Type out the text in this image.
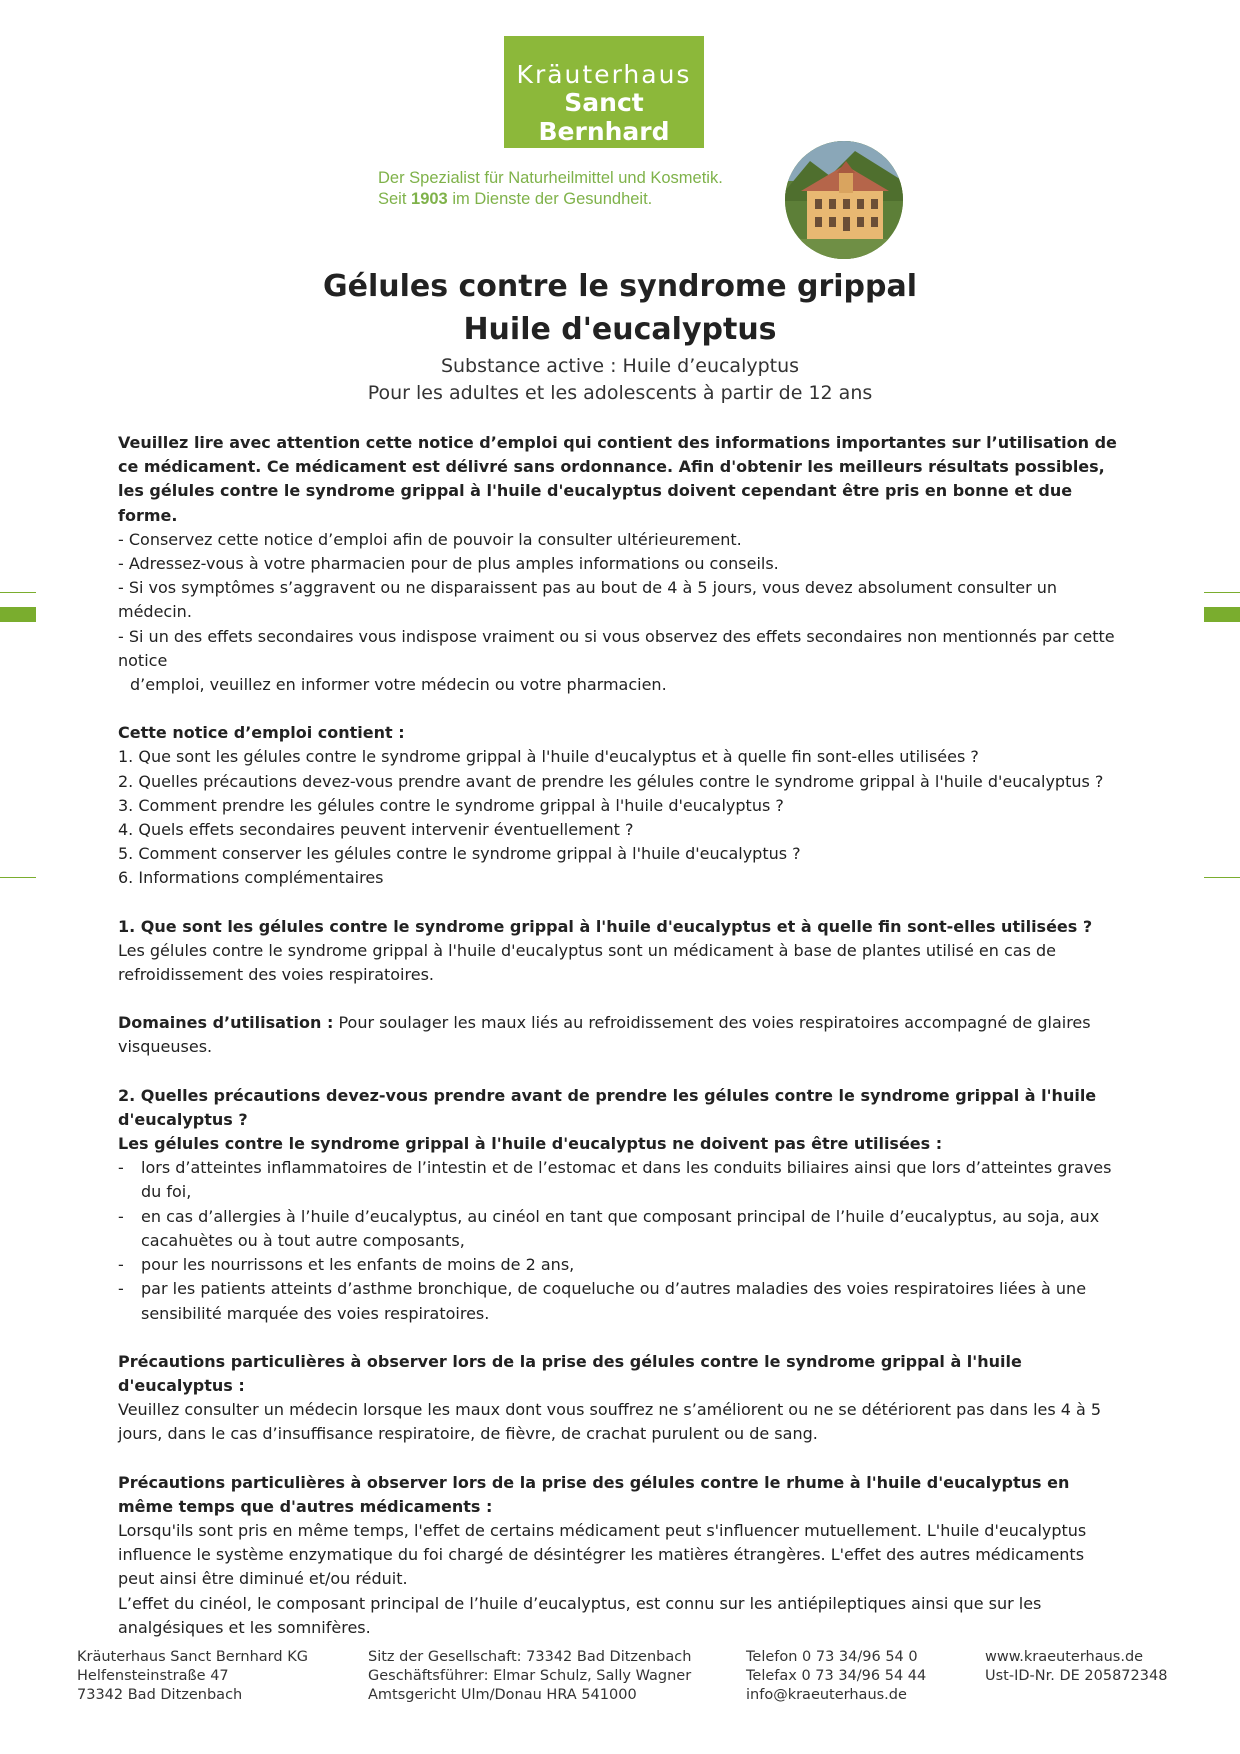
Kräuterhaus
Sanct Bernhard
Der Spezialist für Naturheilmittel und Kosmetik.
Seit 1903 im Dienste der Gesundheit.
Gélules contre le syndrome grippal
Huile d'eucalyptus
Substance active : Huile d’eucalyptus
Pour les adultes et les adolescents à partir de 12 ans

Veuillez lire avec attention cette notice d’emploi qui contient des informations importantes sur l’utilisation de ce médicament. Ce médicament est délivré sans ordonnance. Afin d'obtenir les meilleurs résultats possibles, les gélules contre le syndrome grippal à l'huile d'eucalyptus doivent cependant être pris en bonne et due forme.

- Conservez cette notice d’emploi afin de pouvoir la consulter ultérieurement.

- Adressez-vous à votre pharmacien pour de plus amples informations ou conseils.

- Si vos symptômes s’aggravent ou ne disparaissent pas au bout de 4 à 5 jours, vous devez absolument consulter un médecin.

- Si un des effets secondaires vous indispose vraiment ou si vous observez des effets secondaires non mentionnés par cette notice

d’emploi, veuillez en informer votre médecin ou votre pharmacien.

Cette notice d’emploi contient :

1. Que sont les gélules contre le syndrome grippal à l'huile d'eucalyptus et à quelle fin sont-elles utilisées ?

2. Quelles précautions devez-vous prendre avant de prendre les gélules contre le syndrome grippal à l'huile d'eucalyptus ?

3. Comment prendre les gélules contre le syndrome grippal à l'huile d'eucalyptus ?

4. Quels effets secondaires peuvent intervenir éventuellement ?

5. Comment conserver les gélules contre le syndrome grippal à l'huile d'eucalyptus ?

6. Informations complémentaires

1. Que sont les gélules contre le syndrome grippal à l'huile d'eucalyptus et à quelle fin sont-elles utilisées ?

Les gélules contre le syndrome grippal à l'huile d'eucalyptus sont un médicament à base de plantes utilisé en cas de refroidissement des voies respiratoires.

Domaines d’utilisation : Pour soulager les maux liés au refroidissement des voies respiratoires accompagné de glaires visqueuses.

2. Quelles précautions devez-vous prendre avant de prendre les gélules contre le syndrome grippal à l'huile d'eucalyptus ?

Les gélules contre le syndrome grippal à l'huile d'eucalyptus ne doivent pas être utilisées :

- lors d’atteintes inflammatoires de l’intestin et de l’estomac et dans les conduits biliaires ainsi que lors d’atteintes graves du foi,

- en cas d’allergies à l’huile d’eucalyptus, au cinéol en tant que composant principal de l’huile d’eucalyptus, au soja, aux cacahuètes ou à tout autre composants,

- pour les nourrissons et les enfants de moins de 2 ans,

- par les patients atteints d’asthme bronchique, de coqueluche ou d’autres maladies des voies respiratoires liées à une sensibilité marquée des voies respiratoires.

Précautions particulières à observer lors de la prise des gélules contre le syndrome grippal à l'huile d'eucalyptus :

Veuillez consulter un médecin lorsque les maux dont vous souffrez ne s’améliorent ou ne se détériorent pas dans les 4 à 5 jours, dans le cas d’insuffisance respiratoire, de fièvre, de crachat purulent ou de sang.

Précautions particulières à observer lors de la prise des gélules contre le rhume à l'huile d'eucalyptus en même temps que d'autres médicaments :

Lorsqu'ils sont pris en même temps, l'effet de certains médicament peut s'influencer mutuellement. L'huile d'eucalyptus influence le système enzymatique du foi chargé de désintégrer les matières étrangères. L'effet des autres médicaments peut ainsi être diminué et/ou réduit.

L’effet du cinéol, le composant principal de l’huile d’eucalyptus, est connu sur les antiépileptiques ainsi que sur les analgésiques et les somnifères.

Kräuterhaus Sanct Bernhard KG
Helfensteinstraße 47
73342 Bad Ditzenbach
Sitz der Gesellschaft: 73342 Bad Ditzenbach
Geschäftsführer: Elmar Schulz, Sally Wagner
Amtsgericht Ulm/Donau HRA 541000
Telefon 0 73 34/96 54 0
Telefax 0 73 34/96 54 44
info@kraeuterhaus.de
www.kraeuterhaus.de
Ust-ID-Nr. DE 205872348
